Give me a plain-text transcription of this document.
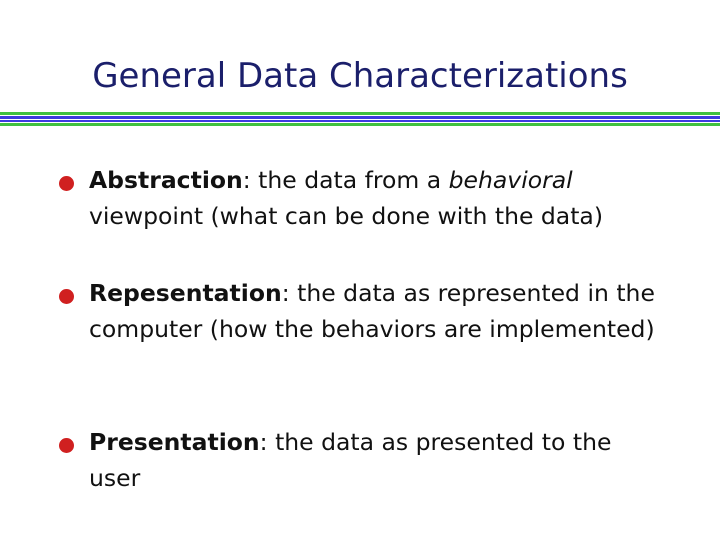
General Data Characterizations
Abstraction: the data from a behavioral viewpoint (what can be done with the data)
Repesentation: the data as represented in the computer (how the behaviors are implemented)
Presentation: the data as presented to the user
